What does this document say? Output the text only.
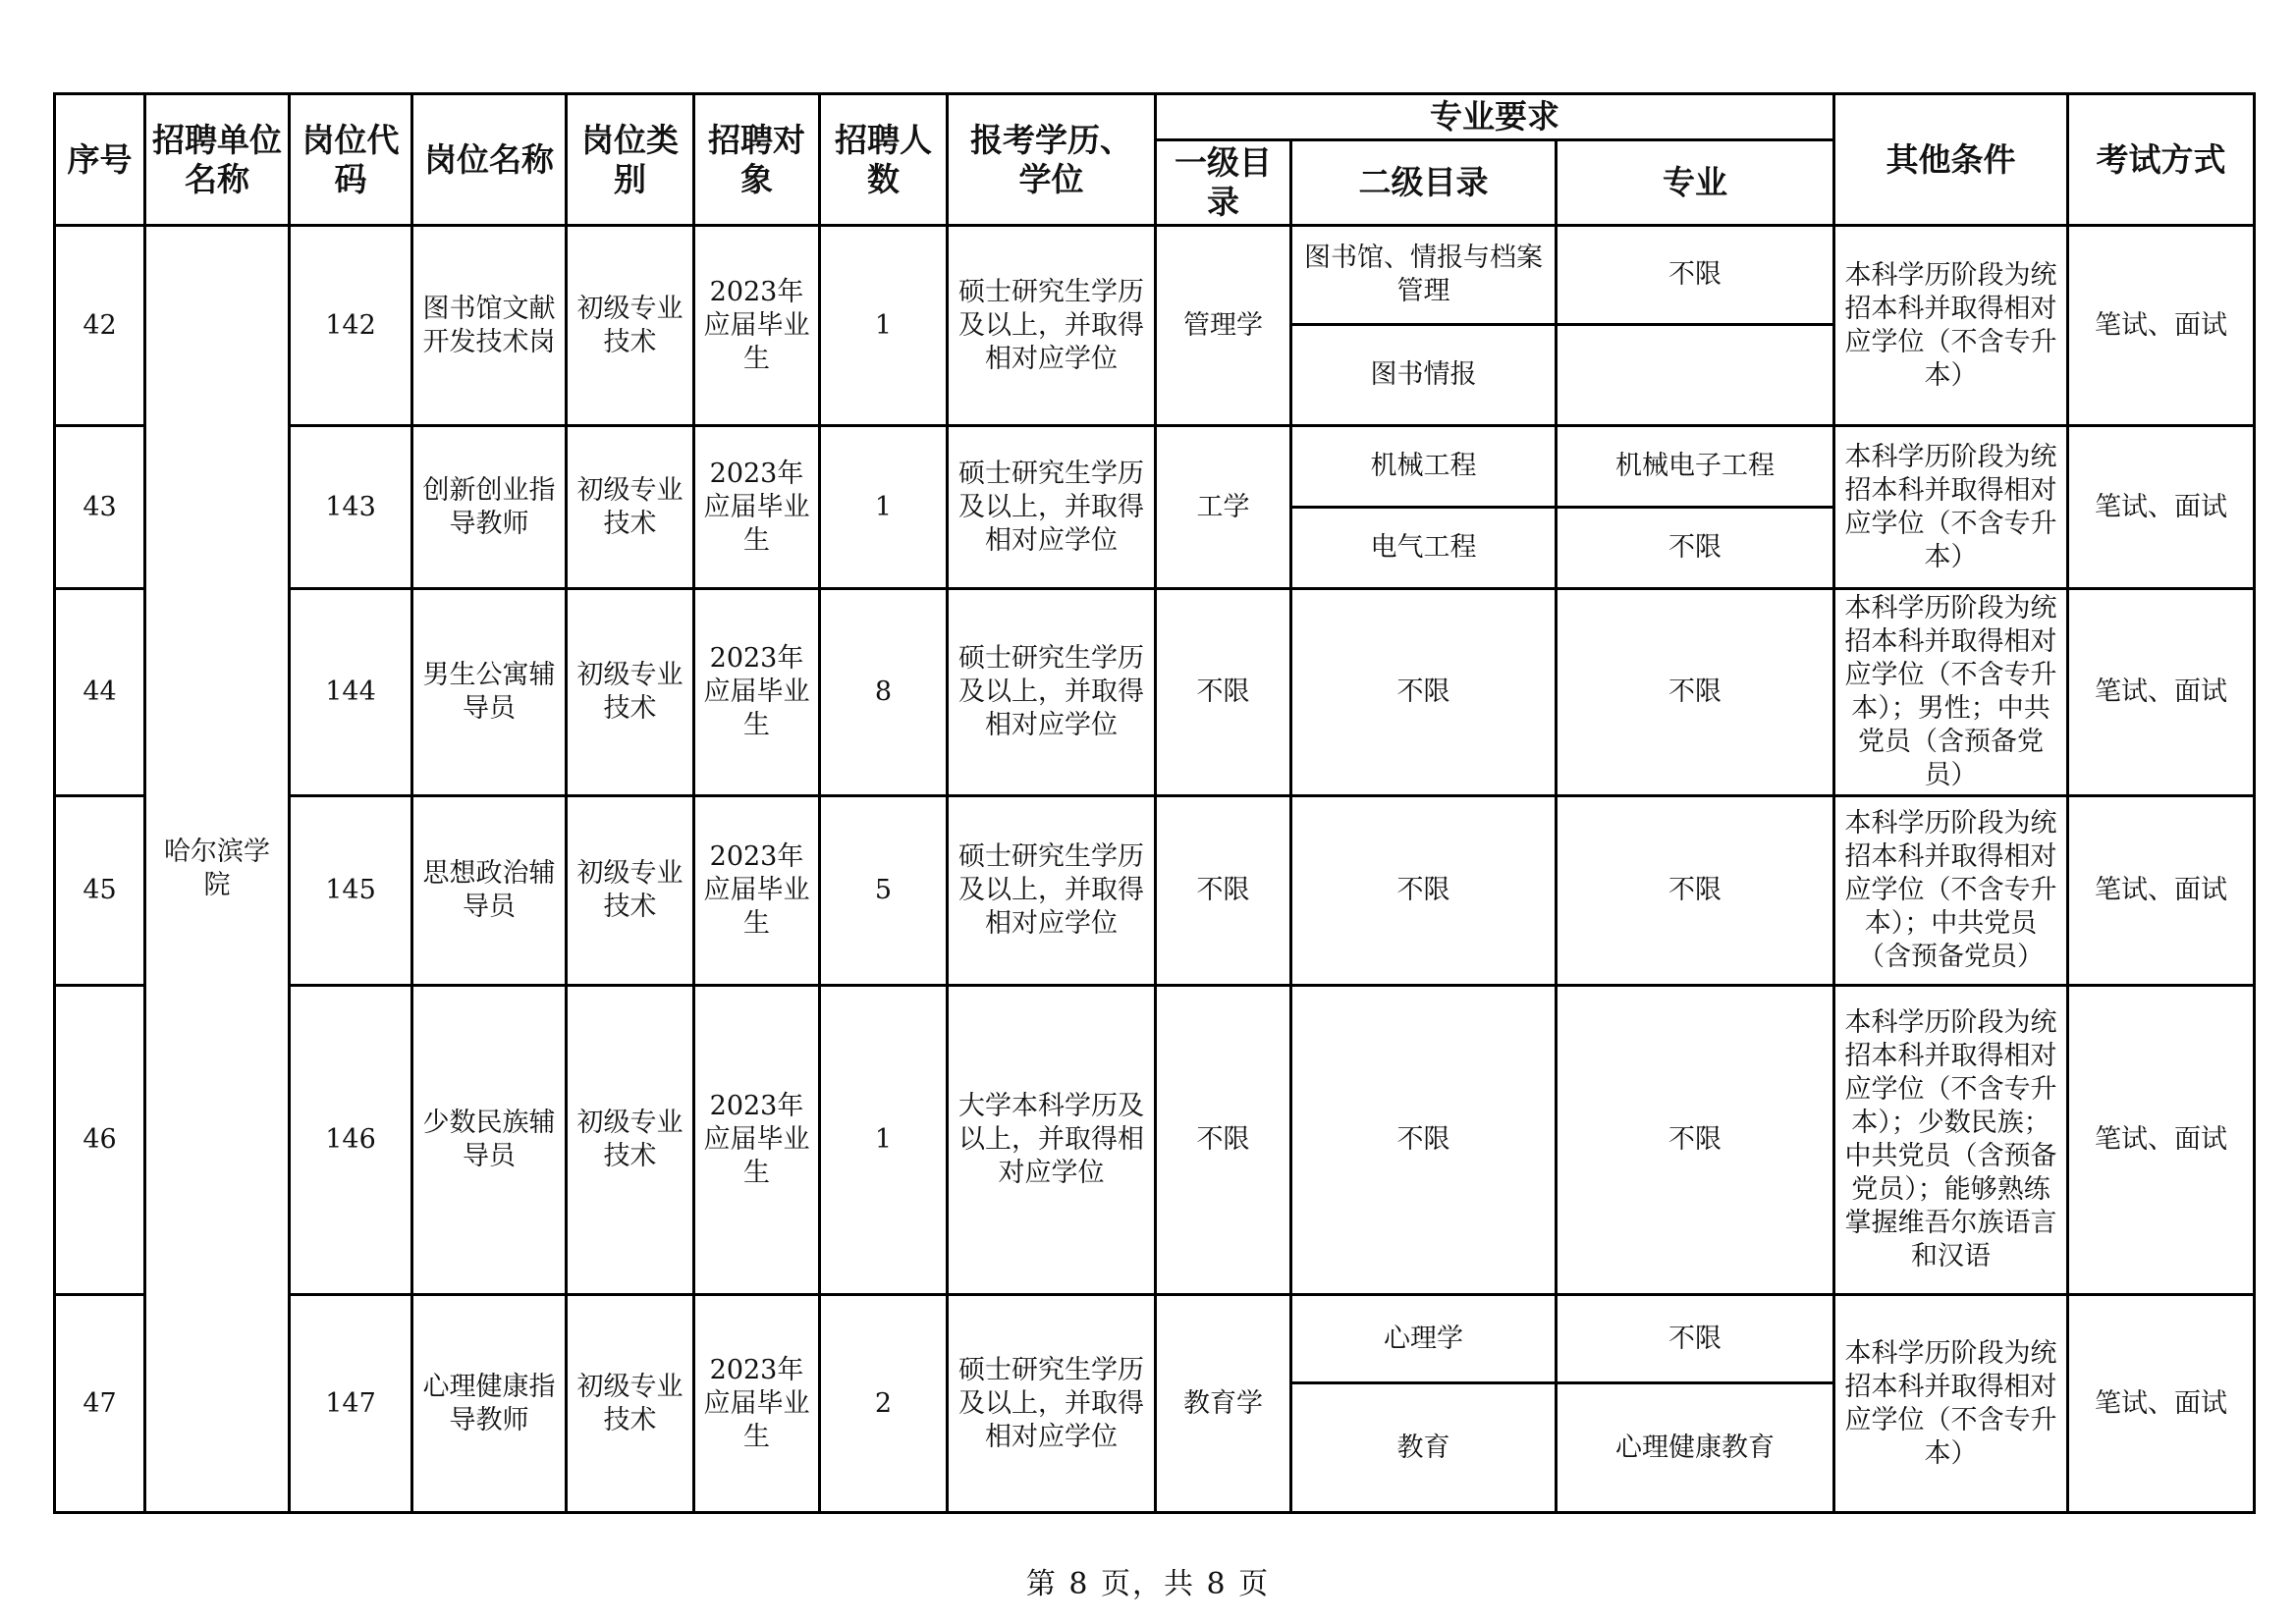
序号	招聘单位名称	岗位代码	岗位名称	岗位类别	招聘对象	招聘人数	报考学历、学位	专业要求			其他条件	考试方式
								一级目录	二级目录	专业		
42	哈尔滨学院	142	图书馆文献开发技术岗	初级专业技术	2023年应届毕业生	1	硕士研究生学历及以上，并取得相对应学位	管理学	图书馆、情报与档案管理	不限	本科学历阶段为统招本科并取得相对应学位（不含专升本）	笔试、面试
									图书情报			
43		143	创新创业指导教师	初级专业技术	2023年应届毕业生	1	硕士研究生学历及以上，并取得相对应学位	工学	机械工程	机械电子工程	本科学历阶段为统招本科并取得相对应学位（不含专升本）	笔试、面试
									电气工程	不限		
44		144	男生公寓辅导员	初级专业技术	2023年应届毕业生	8	硕士研究生学历及以上，并取得相对应学位	不限	不限	不限	本科学历阶段为统招本科并取得相对应学位（不含专升本）；男性；中共党员（含预备党员）	笔试、面试
45		145	思想政治辅导员	初级专业技术	2023年应届毕业生	5	硕士研究生学历及以上，并取得相对应学位	不限	不限	不限	本科学历阶段为统招本科并取得相对应学位（不含专升本）；中共党员（含预备党员）	笔试、面试
46		146	少数民族辅导员	初级专业技术	2023年应届毕业生	1	大学本科学历及以上，并取得相对应学位	不限	不限	不限	本科学历阶段为统招本科并取得相对应学位（不含专升本）；少数民族；中共党员（含预备党员）；能够熟练掌握维吾尔族语言和汉语	笔试、面试
47		147	心理健康指导教师	初级专业技术	2023年应届毕业生	2	硕士研究生学历及以上，并取得相对应学位	教育学	心理学	不限	本科学历阶段为统招本科并取得相对应学位（不含专升本）	笔试、面试
									教育	心理健康教育		
第 8 页，共 8 页
